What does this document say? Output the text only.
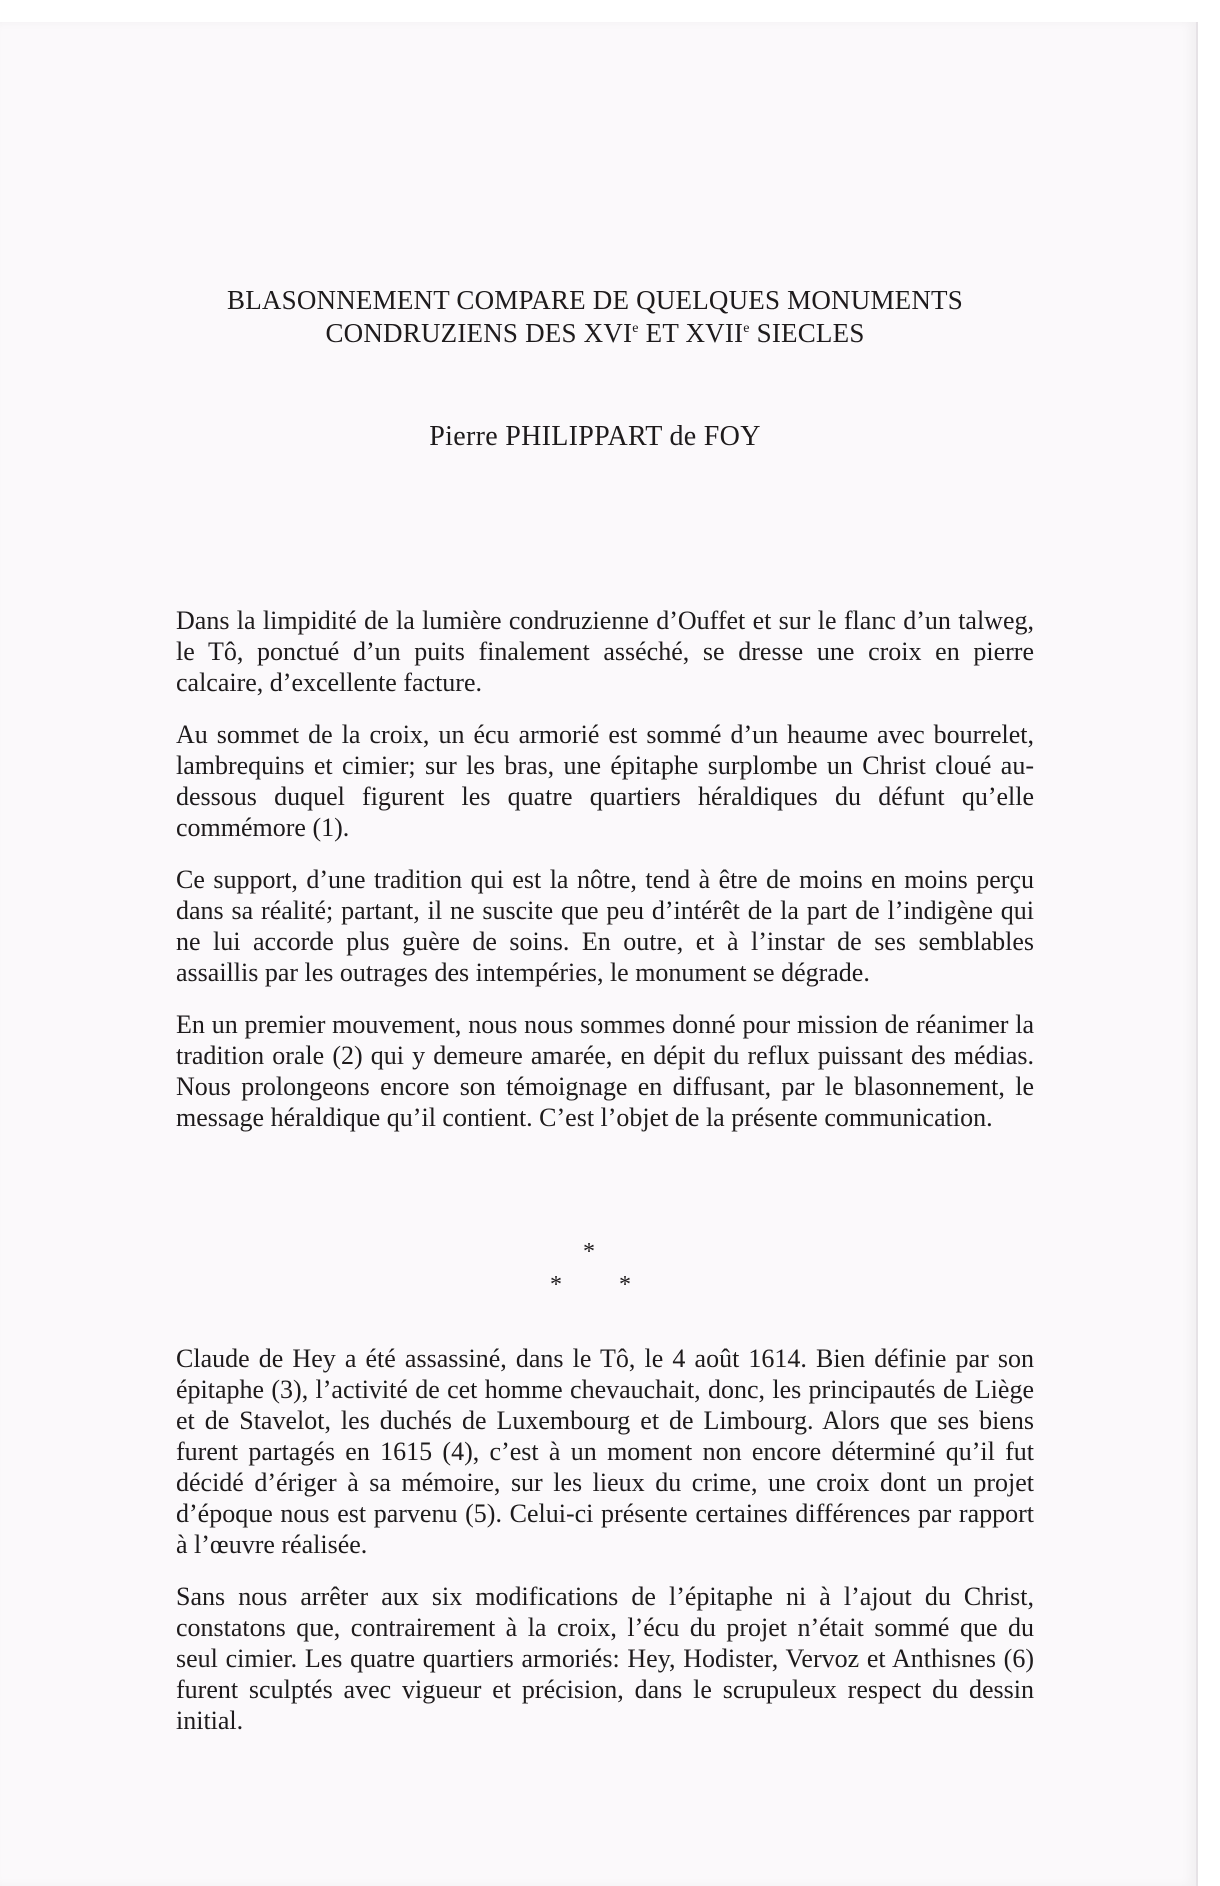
BLASONNEMENT COMPARE DE QUELQUES MONUMENTS
CONDRUZIENS DES XVIe ET XVIIe SIECLES
Pierre PHILIPPART de FOY

Dans la limpidité de la lumière condruzienne d’Ouffet et sur le flanc d’un talweg, le Tô, ponctué d’un puits finalement asséché, se dresse une croix en pierre calcaire, d’excellente facture.

Au sommet de la croix, un écu armorié est sommé d’un heaume avec bourrelet, lambrequins et cimier; sur les bras, une épitaphe surplombe un Christ cloué au-dessous duquel figurent les quatre quartiers héraldiques du défunt qu’elle commémore (1).

Ce support, d’une tradition qui est la nôtre, tend à être de moins en moins perçu dans sa réalité; partant, il ne suscite que peu d’intérêt de la part de l’indigène qui ne lui accorde plus guère de soins. En outre, et à l’instar de ses semblables assaillis par les outrages des intempéries, le monument se dégrade.

En un premier mouvement, nous nous sommes donné pour mission de réanimer la tradition orale (2) qui y demeure amarée, en dépit du reflux puissant des médias. Nous prolongeons encore son témoignage en diffusant, par le blasonnement, le message héraldique qu’il contient. C’est l’objet de la présente communication.

*
* *

Claude de Hey a été assassiné, dans le Tô, le 4 août 1614. Bien définie par son épitaphe (3), l’activité de cet homme chevauchait, donc, les principautés de Liège et de Stavelot, les duchés de Luxembourg et de Limbourg. Alors que ses biens furent partagés en 1615 (4), c’est à un moment non encore déterminé qu’il fut décidé d’ériger à sa mémoire, sur les lieux du crime, une croix dont un projet d’époque nous est parvenu (5). Celui-ci présente certaines différences par rapport à l’œuvre réalisée.

Sans nous arrêter aux six modifications de l’épitaphe ni à l’ajout du Christ, constatons que, contrairement à la croix, l’écu du projet n’était sommé que du seul cimier. Les quatre quartiers armoriés: Hey, Hodister, Vervoz et Anthisnes (6) furent sculptés avec vigueur et précision, dans le scrupuleux respect du dessin initial.
